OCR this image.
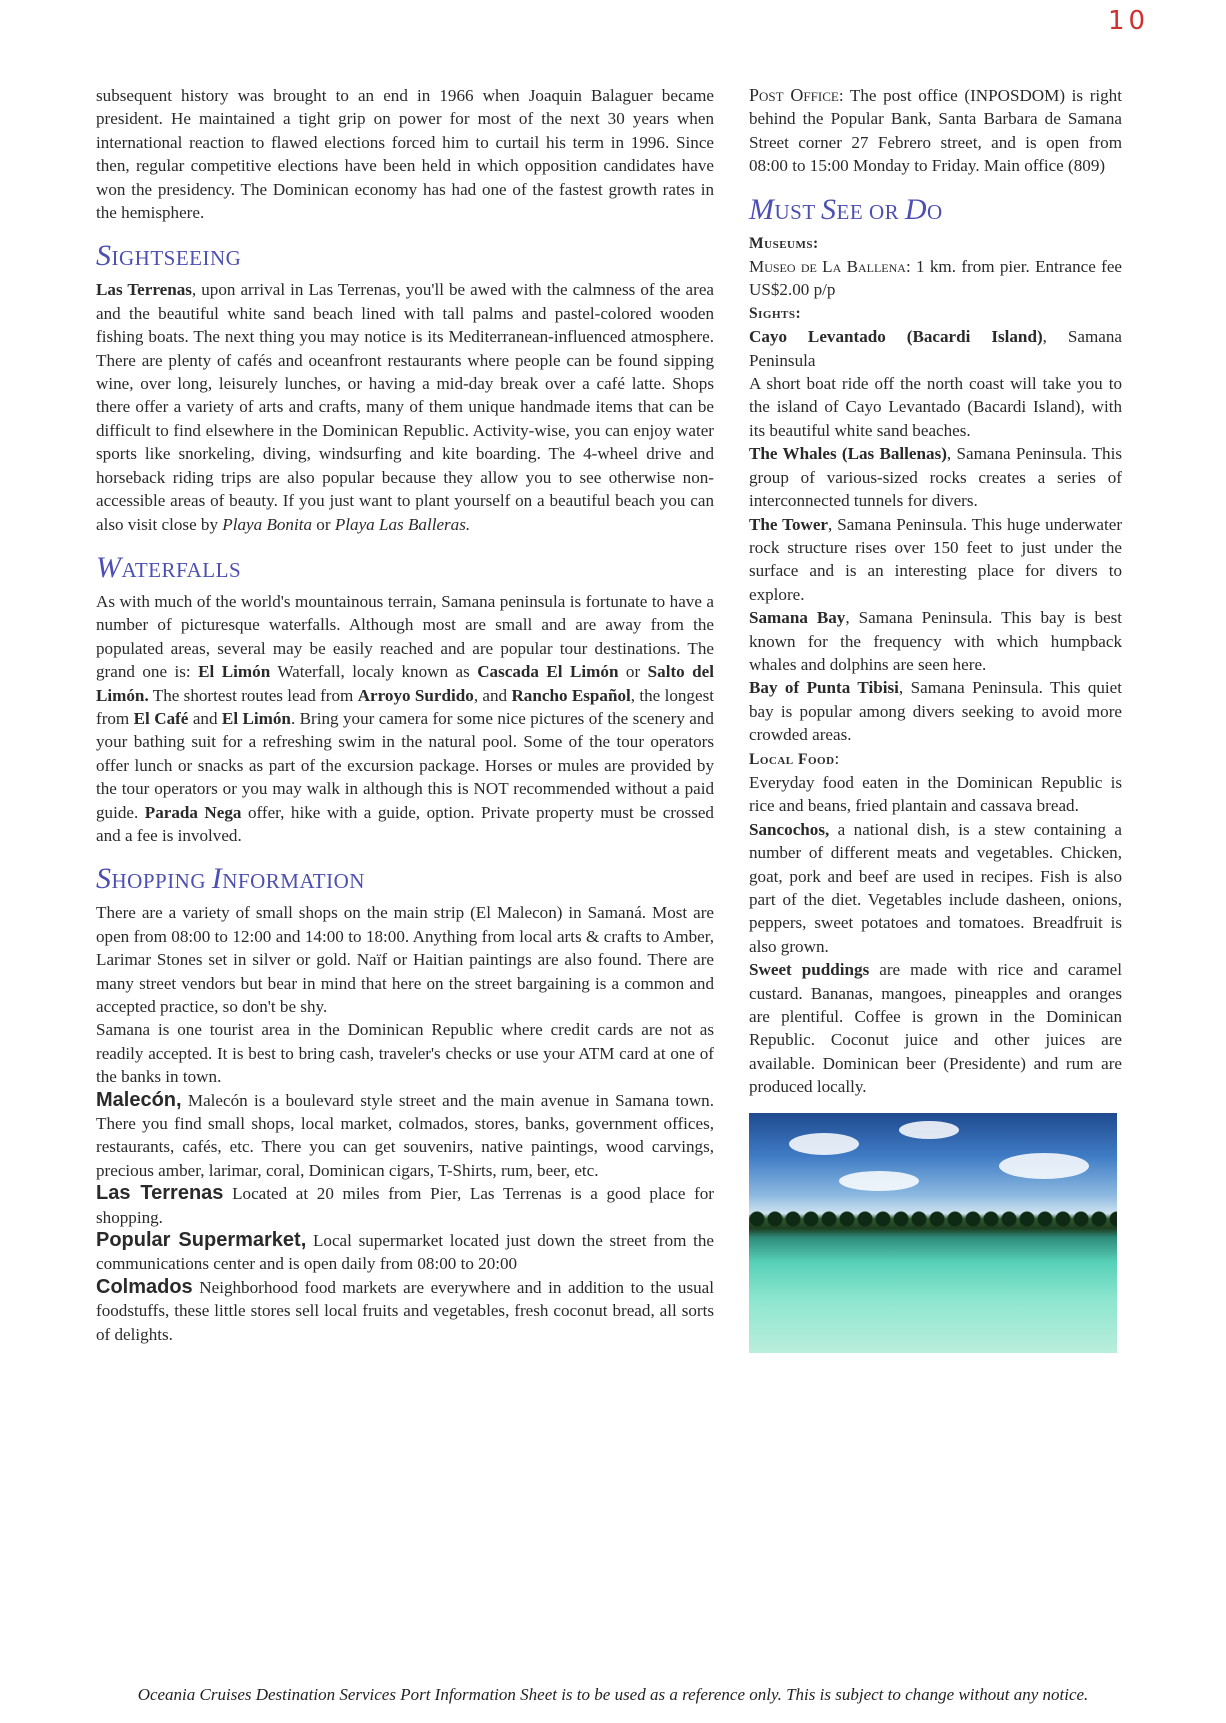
10

subsequent history was brought to an end in 1966 when Joaquin Balaguer became president. He maintained a tight grip on power for most of the next 30 years when international reaction to flawed elections forced him to curtail his term in 1996. Since then, regular competitive elections have been held in which opposition candidates have won the presidency. The Dominican economy has had one of the fastest growth rates in the hemisphere.

SIGHTSEEING

Las Terrenas, upon arrival in Las Terrenas, you'll be awed with the calmness of the area and the beautiful white sand beach lined with tall palms and pastel-colored wooden fishing boats. The next thing you may notice is its Mediterranean-influenced atmosphere. There are plenty of cafés and oceanfront restaurants where people can be found sipping wine, over long, leisurely lunches, or having a mid-day break over a café latte. Shops there offer a variety of arts and crafts, many of them unique handmade items that can be difficult to find elsewhere in the Dominican Republic. Activity-wise, you can enjoy water sports like snorkeling, diving, windsurfing and kite boarding. The 4-wheel drive and horseback riding trips are also popular because they allow you to see otherwise non-accessible areas of beauty. If you just want to plant yourself on a beautiful beach you can also visit close by Playa Bonita or Playa Las Balleras.

WATERFALLS

As with much of the world's mountainous terrain, Samana peninsula is fortunate to have a number of picturesque waterfalls. Although most are small and are away from the populated areas, several may be easily reached and are popular tour destinations. The grand one is: El Limón Waterfall, localy known as Cascada El Limón or Salto del Limón. The shortest routes lead from Arroyo Surdido, and Rancho Español, the longest from El Café and El Limón. Bring your camera for some nice pictures of the scenery and your bathing suit for a refreshing swim in the natural pool. Some of the tour operators offer lunch or snacks as part of the excursion package. Horses or mules are provided by the tour operators or you may walk in although this is NOT recommended without a paid guide. Parada Nega offer, hike with a guide, option. Private property must be crossed and a fee is involved.

SHOPPING INFORMATION

There are a variety of small shops on the main strip (El Malecon) in Samaná. Most are open from 08:00 to 12:00 and 14:00 to 18:00. Anything from local arts & crafts to Amber, Larimar Stones set in silver or gold. Naïf or Haitian paintings are also found. There are many street vendors but bear in mind that here on the street bargaining is a common and accepted practice, so don't be shy.

Samana is one tourist area in the Dominican Republic where credit cards are not as readily accepted. It is best to bring cash, traveler's checks or use your ATM card at one of the banks in town.

Malecón, Malecón is a boulevard style street and the main avenue in Samana town. There you find small shops, local market, colmados, stores, banks, government offices, restaurants, cafés, etc. There you can get souvenirs, native paintings, wood carvings, precious amber, larimar, coral, Dominican cigars, T-Shirts, rum, beer, etc.

Las Terrenas Located at 20 miles from Pier, Las Terrenas is a good place for shopping.

Popular Supermarket, Local supermarket located just down the street from the communications center and is open daily from 08:00 to 20:00

Colmados Neighborhood food markets are everywhere and in addition to the usual foodstuffs, these little stores sell local fruits and vegetables, fresh coconut bread, all sorts of delights.

Post Office: The post office (INPOSDOM) is right behind the Popular Bank, Santa Barbara de Samana Street corner 27 Febrero street, and is open from 08:00 to 15:00 Monday to Friday. Main office (809)

MUST SEE OR DO
Museums:

Museo de La Ballena: 1 km. from pier. Entrance fee US$2.00 p/p

Sights:

Cayo Levantado (Bacardi Island), Samana Peninsula

A short boat ride off the north coast will take you to the island of Cayo Levantado (Bacardi Island), with its beautiful white sand beaches.

The Whales (Las Ballenas), Samana Peninsula. This group of various-sized rocks creates a series of interconnected tunnels for divers.

The Tower, Samana Peninsula. This huge underwater rock structure rises over 150 feet to just under the surface and is an interesting place for divers to explore.

Samana Bay, Samana Peninsula. This bay is best known for the frequency with which humpback whales and dolphins are seen here.

Bay of Punta Tibisi, Samana Peninsula. This quiet bay is popular among divers seeking to avoid more crowded areas.

Local Food:

Everyday food eaten in the Dominican Republic is rice and beans, fried plantain and cassava bread.

Sancochos, a national dish, is a stew containing a number of different meats and vegetables. Chicken, goat, pork and beef are used in recipes. Fish is also part of the diet. Vegetables include dasheen, onions, peppers, sweet potatoes and tomatoes. Breadfruit is also grown.

Sweet puddings are made with rice and caramel custard. Bananas, mangoes, pineapples and oranges are plentiful. Coffee is grown in the Dominican Republic. Coconut juice and other juices are available. Dominican beer (Presidente) and rum are produced locally.

Oceania Cruises Destination Services Port Information Sheet is to be used as a reference only. This is subject to change without any notice.
